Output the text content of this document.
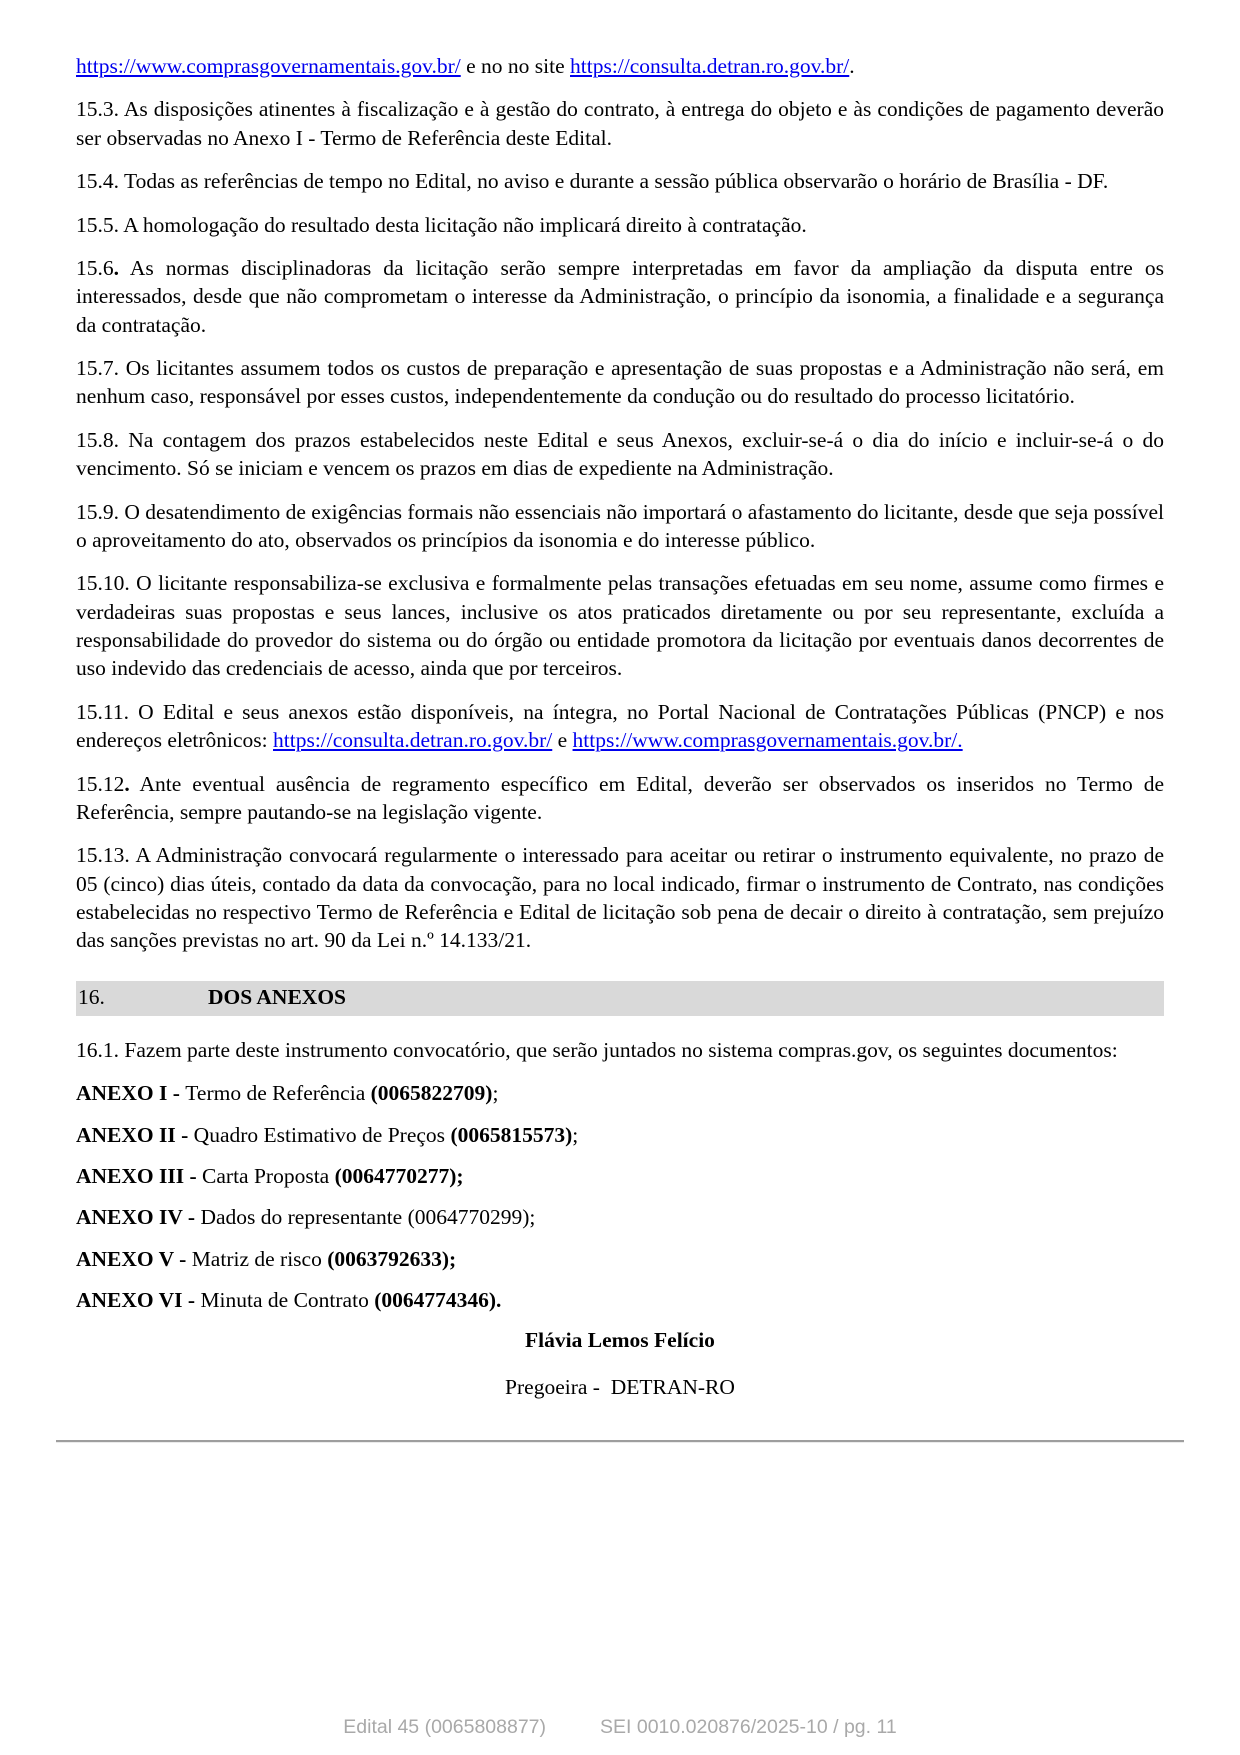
https://www.comprasgovernamentais.gov.br/ e no no site https://consulta.detran.ro.gov.br/.

15.3. As disposições atinentes à fiscalização e à gestão do contrato, à entrega do objeto e às condições de pagamento deverão ser observadas no Anexo I - Termo de Referência deste Edital.

15.4. Todas as referências de tempo no Edital, no aviso e durante a sessão pública observarão o horário de Brasília - DF.

15.5. A homologação do resultado desta licitação não implicará direito à contratação.

15.6. As normas disciplinadoras da licitação serão sempre interpretadas em favor da ampliação da disputa entre os interessados, desde que não comprometam o interesse da Administração, o princípio da isonomia, a finalidade e a segurança da contratação.

15.7. Os licitantes assumem todos os custos de preparação e apresentação de suas propostas e a Administração não será, em nenhum caso, responsável por esses custos, independentemente da condução ou do resultado do processo licitatório.

15.8. Na contagem dos prazos estabelecidos neste Edital e seus Anexos, excluir-se-á o dia do início e incluir-se-á o do vencimento. Só se iniciam e vencem os prazos em dias de expediente na Administração.

15.9. O desatendimento de exigências formais não essenciais não importará o afastamento do licitante, desde que seja possível o aproveitamento do ato, observados os princípios da isonomia e do interesse público.

15.10. O licitante responsabiliza-se exclusiva e formalmente pelas transações efetuadas em seu nome, assume como firmes e verdadeiras suas propostas e seus lances, inclusive os atos praticados diretamente ou por seu representante, excluída a responsabilidade do provedor do sistema ou do órgão ou entidade promotora da licitação por eventuais danos decorrentes de uso indevido das credenciais de acesso, ainda que por terceiros.

15.11. O Edital e seus anexos estão disponíveis, na íntegra, no Portal Nacional de Contratações Públicas (PNCP) e nos endereços eletrônicos: https://consulta.detran.ro.gov.br/ e https://www.comprasgovernamentais.gov.br/.

15.12. Ante eventual ausência de regramento específico em Edital, deverão ser observados os inseridos no Termo de Referência, sempre pautando-se na legislação vigente.

15.13. A Administração convocará regularmente o interessado para aceitar ou retirar o instrumento equivalente, no prazo de 05 (cinco) dias úteis, contado da data da convocação, para no local indicado, firmar o instrumento de Contrato, nas condições estabelecidas no respectivo Termo de Referência e Edital de licitação sob pena de decair o direito à contratação, sem prejuízo das sanções previstas no art. 90 da Lei n.º 14.133/21.

16.	DOS ANEXOS

16.1. Fazem parte deste instrumento convocatório, que serão juntados no sistema compras.gov, os seguintes documentos:

ANEXO I - Termo de Referência (0065822709);

ANEXO II - Quadro Estimativo de Preços (0065815573);

ANEXO III - Carta Proposta (0064770277);

ANEXO IV - Dados do representante (0064770299);

ANEXO V - Matriz de risco (0063792633);

ANEXO VI - Minuta de Contrato (0064774346).

Flávia Lemos Felício

Pregoeira -  DETRAN-RO

Edital 45 (0065808877)	SEI 0010.020876/2025-10 / pg. 11
